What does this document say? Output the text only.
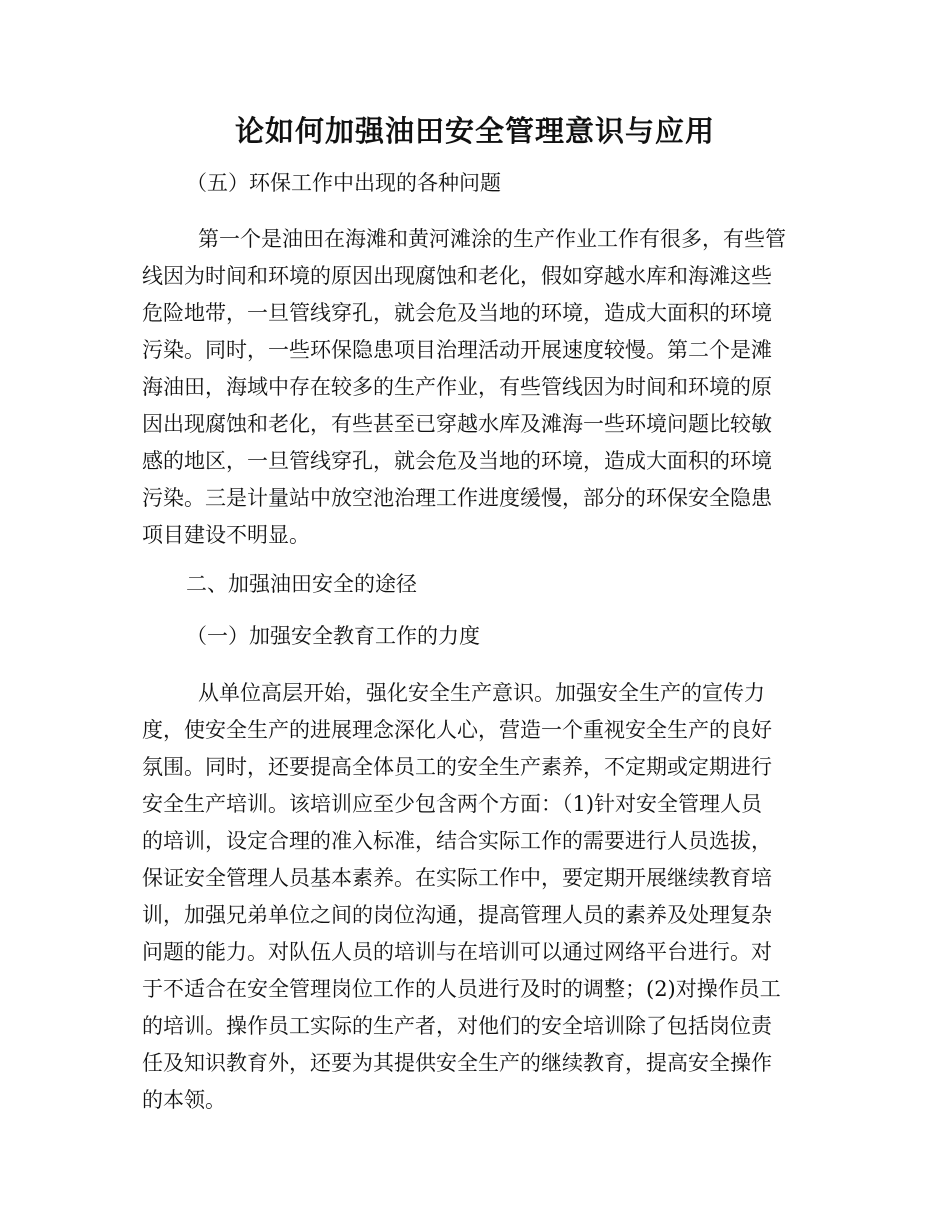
论如何加强油田安全管理意识与应用
（五）环保工作中出现的各种问题
第一个是油田在海滩和黄河滩涂的生产作业工作有很多，有些管
线因为时间和环境的原因出现腐蚀和老化，假如穿越水库和海滩这些
危险地带，一旦管线穿孔，就会危及当地的环境，造成大面积的环境
污染。同时，一些环保隐患项目治理活动开展速度较慢。第二个是滩
海油田，海域中存在较多的生产作业，有些管线因为时间和环境的原
因出现腐蚀和老化，有些甚至已穿越水库及滩海一些环境问题比较敏
感的地区，一旦管线穿孔，就会危及当地的环境，造成大面积的环境
污染。三是计量站中放空池治理工作进度缓慢，部分的环保安全隐患
项目建设不明显。
二、加强油田安全的途径
（一）加强安全教育工作的力度
从单位高层开始，强化安全生产意识。加强安全生产的宣传力
度，使安全生产的进展理念深化人心，营造一个重视安全生产的良好
氛围。同时，还要提高全体员工的安全生产素养，不定期或定期进行
安全生产培训。该培训应至少包含两个方面：（1)针对安全管理人员
的培训，设定合理的准入标准，结合实际工作的需要进行人员选拔，
保证安全管理人员基本素养。在实际工作中，要定期开展继续教育培
训，加强兄弟单位之间的岗位沟通，提高管理人员的素养及处理复杂
问题的能力。对队伍人员的培训与在培训可以通过网络平台进行。对
于不适合在安全管理岗位工作的人员进行及时的调整；(2)对操作员工
的培训。操作员工实际的生产者，对他们的安全培训除了包括岗位责
任及知识教育外，还要为其提供安全生产的继续教育，提高安全操作
的本领。
